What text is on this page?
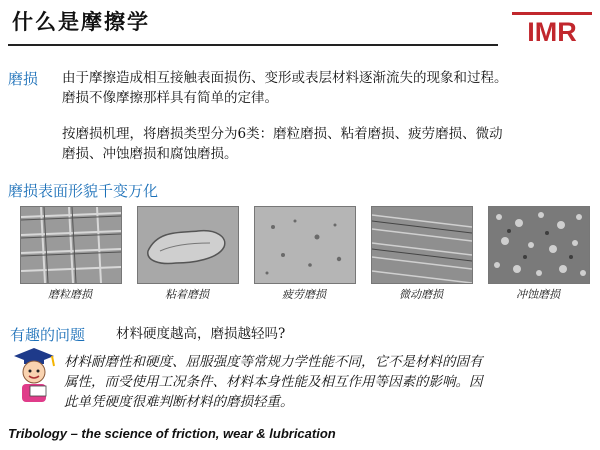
什么是摩擦学	IMR
磨损 由于摩擦造成相互接触表面损伤、变形或表层材料逐渐流失的现象和过程。
磨损不像摩擦那样具有简单的定律。
按磨损机理，将磨损类型分为6类：磨粒磨损、粘着磨损、疲劳磨损、微动
磨损、冲蚀磨损和腐蚀磨损。
磨损表面形貌千变万化
磨粒磨损	粘着磨损	疲劳磨损	微动磨损	冲蚀磨损
有趣的问题 材料硬度越高，磨损越轻吗?
材料耐磨性和硬度、屈服强度等常规力学性能不同，它不是材料的固有
属性，而受使用工况条件、材料本身性能及相互作用等因素的影响。因
此单凭硬度很难判断材料的磨损轻重。
Tribology – the science of friction, wear & lubrication
